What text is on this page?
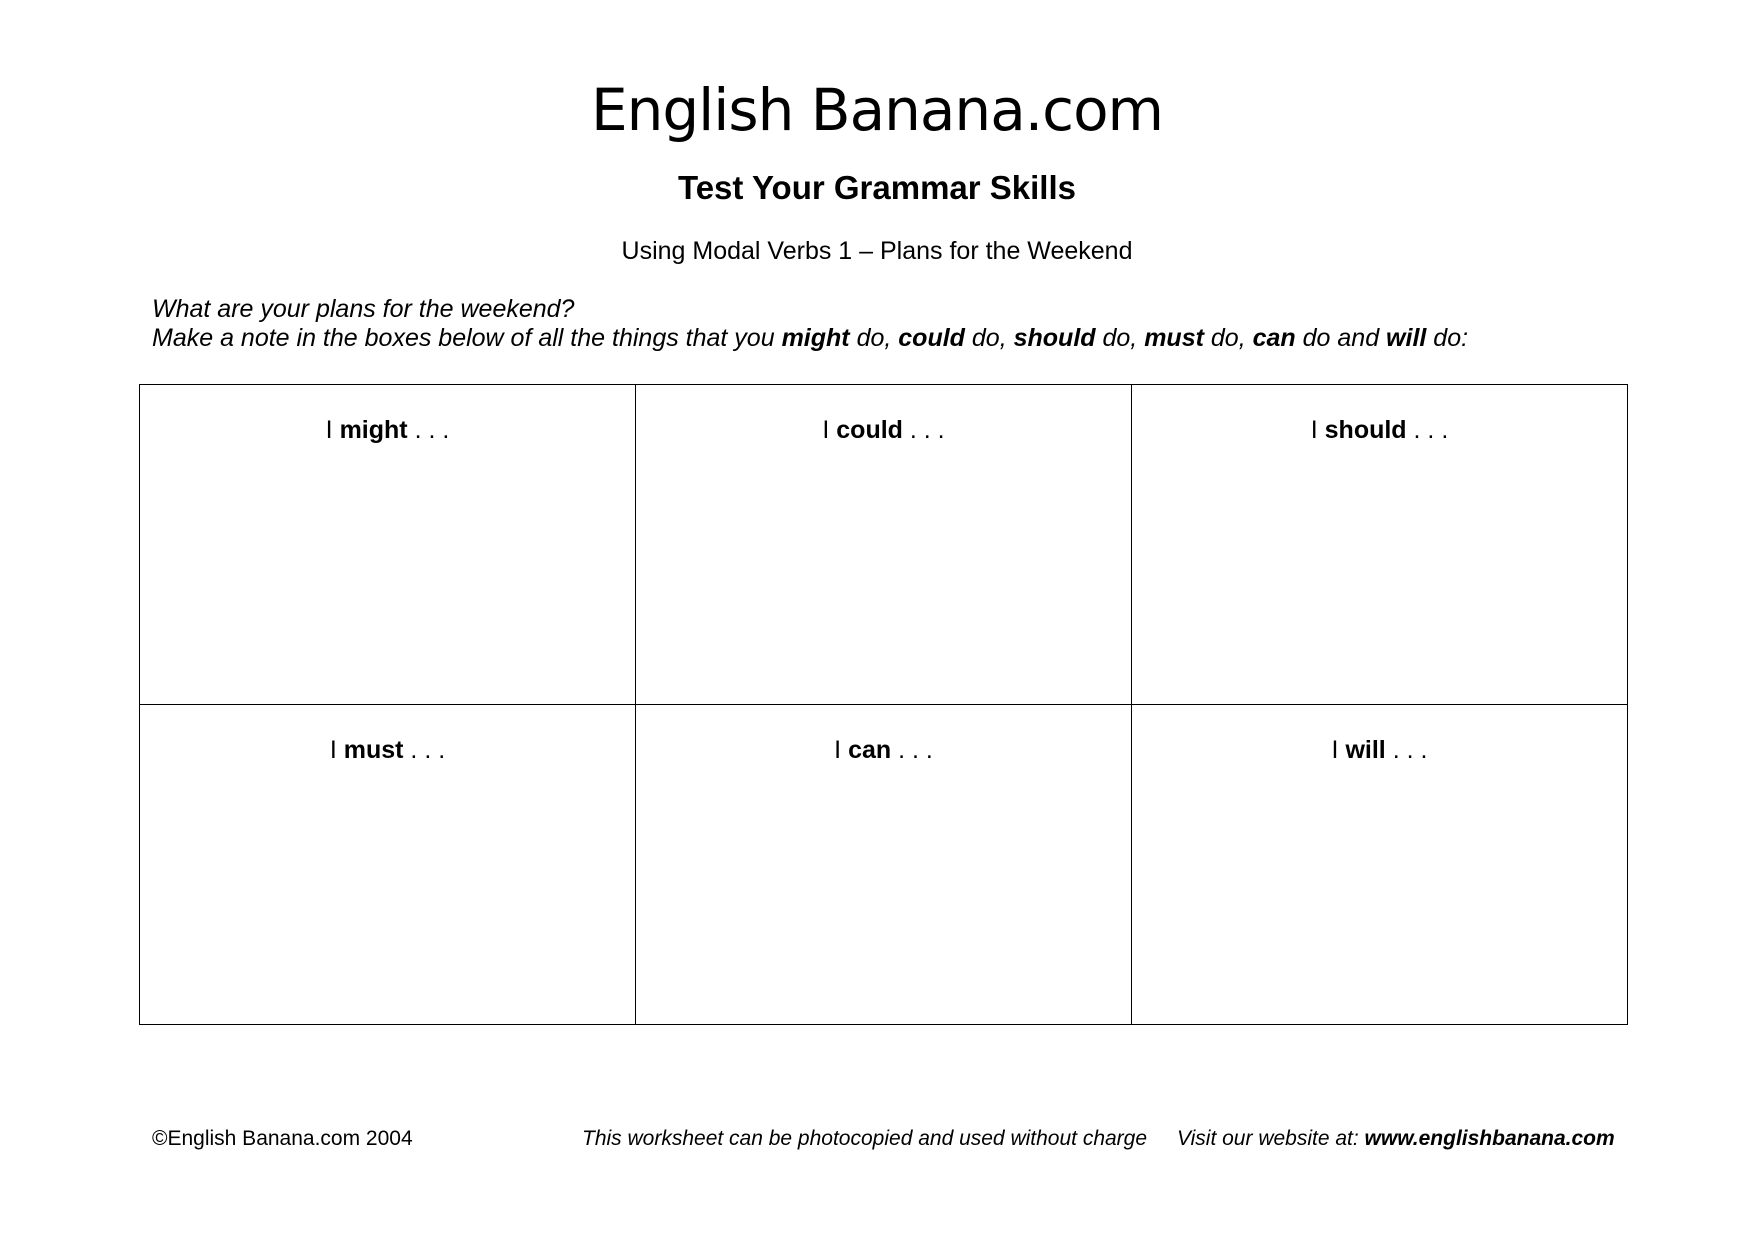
English Banana.com
Test Your Grammar Skills
Using Modal Verbs 1 – Plans for the Weekend

What are your plans for the weekend?

Make a note in the boxes below of all the things that you might do, could do, should do, must do, can do and will do:

I might . . .	I could . . .	I should . . .

I must . . .	I can . . .	I will . . .
©English Banana.com 2004	This worksheet can be photocopied and used without charge Visit our website at: www.englishbanana.com
